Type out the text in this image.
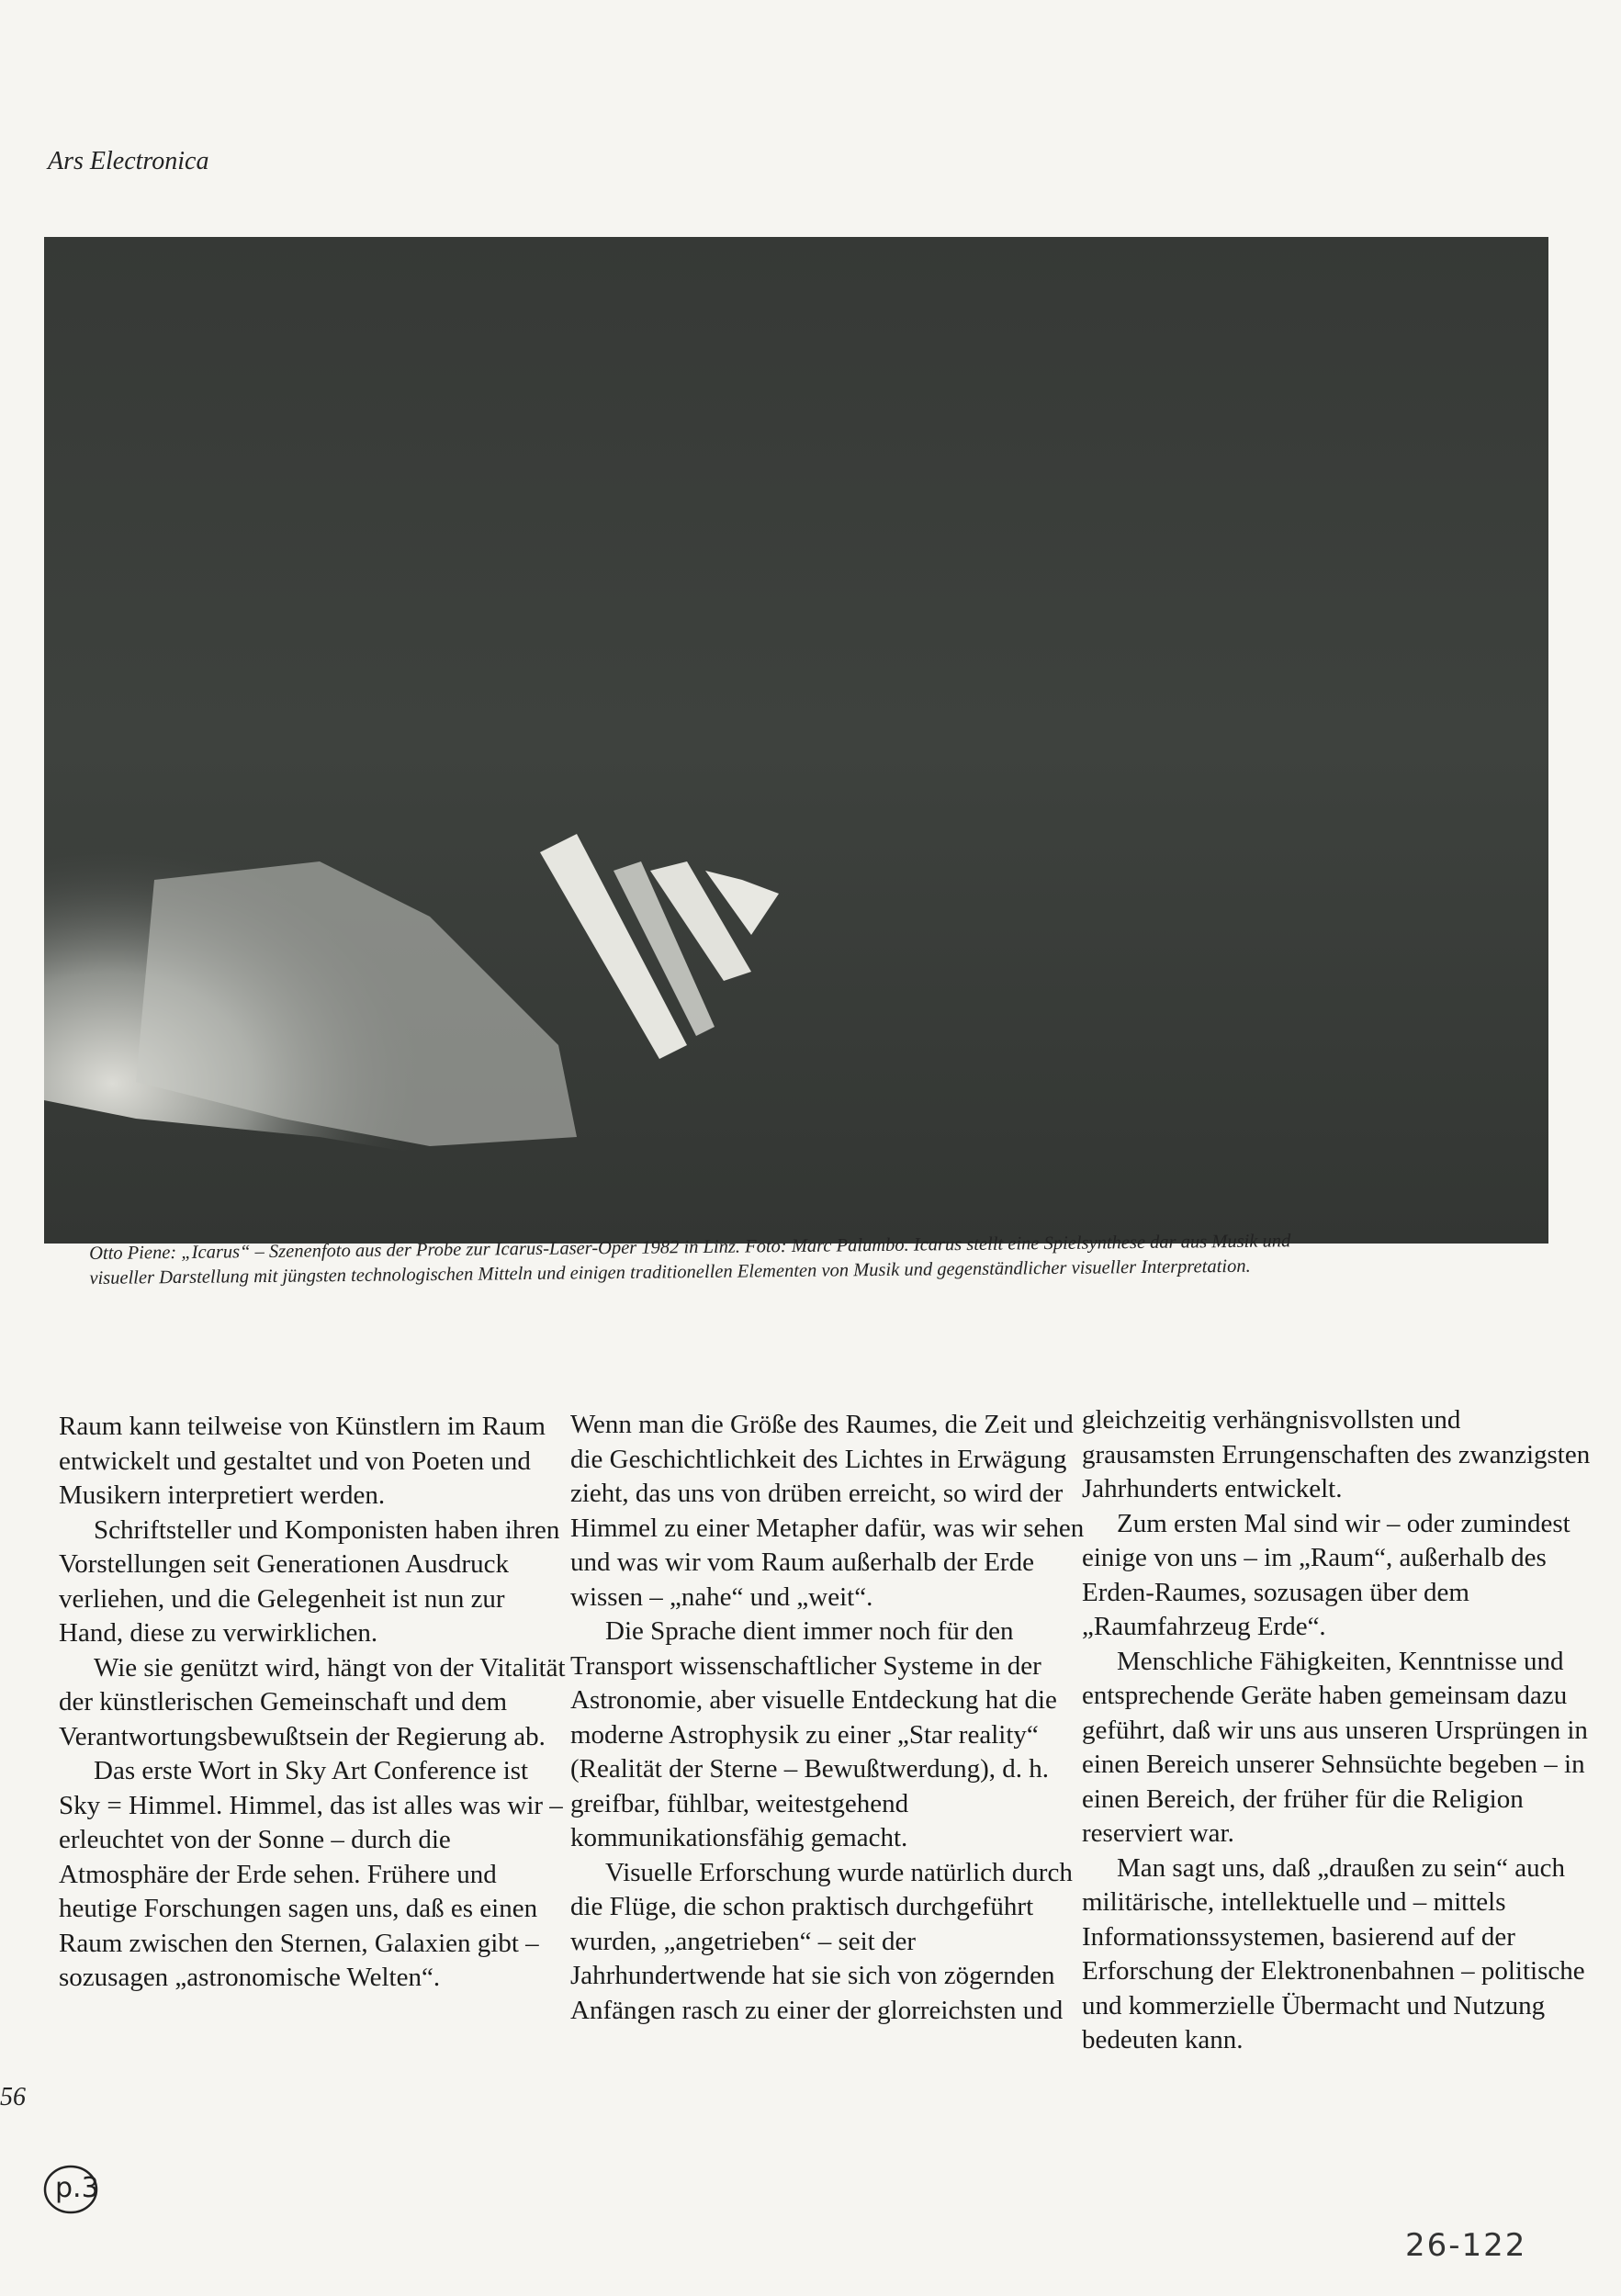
Ars Electronica
Otto Piene: „Icarus“ – Szenenfoto aus der Probe zur Icarus-Laser-Oper 1982 in Linz. Foto: Marc Palumbo. Icarus stellt eine Spielsynthese dar aus Musik und
visueller Darstellung mit jüngsten technologischen Mitteln und einigen traditionellen Elementen von Musik und gegenständlicher visueller Interpretation.

Raum kann teilweise von Künstlern im Raum entwickelt und gestaltet und von Poeten und Musikern interpretiert werden.

Schriftsteller und Komponisten haben ihren Vorstellungen seit Generationen Ausdruck verliehen, und die Gelegenheit ist nun zur Hand, diese zu verwirklichen.

Wie sie genützt wird, hängt von der Vitalität der künstlerischen Gemeinschaft und dem Verantwortungsbewußtsein der Regierung ab.

Das erste Wort in Sky Art Conference ist Sky = Himmel. Himmel, das ist alles was wir – erleuchtet von der Sonne – durch die Atmosphäre der Erde sehen. Frühere und heutige Forschungen sagen uns, daß es einen Raum zwischen den Sternen, Galaxien gibt – sozusagen „astronomische Welten“.

Wenn man die Größe des Raumes, die Zeit und die Geschichtlichkeit des Lichtes in Erwägung zieht, das uns von drüben erreicht, so wird der Himmel zu einer Metapher dafür, was wir sehen und was wir vom Raum außerhalb der Erde wissen – „nahe“ und „weit“.

Die Sprache dient immer noch für den Transport wissenschaftlicher Systeme in der Astronomie, aber visuelle Entdeckung hat die moderne Astrophysik zu einer „Star reality“ (Realität der Sterne – Bewußtwerdung), d. h. greifbar, fühlbar, weitestgehend kommunikationsfähig gemacht.

Visuelle Erforschung wurde natürlich durch die Flüge, die schon praktisch durchgeführt wurden, „angetrieben“ – seit der Jahrhundertwende hat sie sich von zögernden Anfängen rasch zu einer der glorreichsten und

gleichzeitig verhängnisvollsten und grausamsten Errungenschaften des zwanzigsten Jahrhunderts entwickelt.

Zum ersten Mal sind wir – oder zumindest einige von uns – im „Raum“, außerhalb des Erden-Raumes, sozusagen über dem „Raumfahrzeug Erde“.

Menschliche Fähigkeiten, Kenntnisse und entsprechende Geräte haben gemeinsam dazu geführt, daß wir uns aus unseren Ursprüngen in einen Bereich unserer Sehnsüchte begeben – in einen Bereich, der früher für die Religion reserviert war.

Man sagt uns, daß „draußen zu sein“ auch militärische, intellektuelle und – mittels Informationssystemen, basierend auf der Erforschung der Elektronenbahnen – politische und kommerzielle Übermacht und Nutzung bedeuten kann.

56
p.3
26-122
